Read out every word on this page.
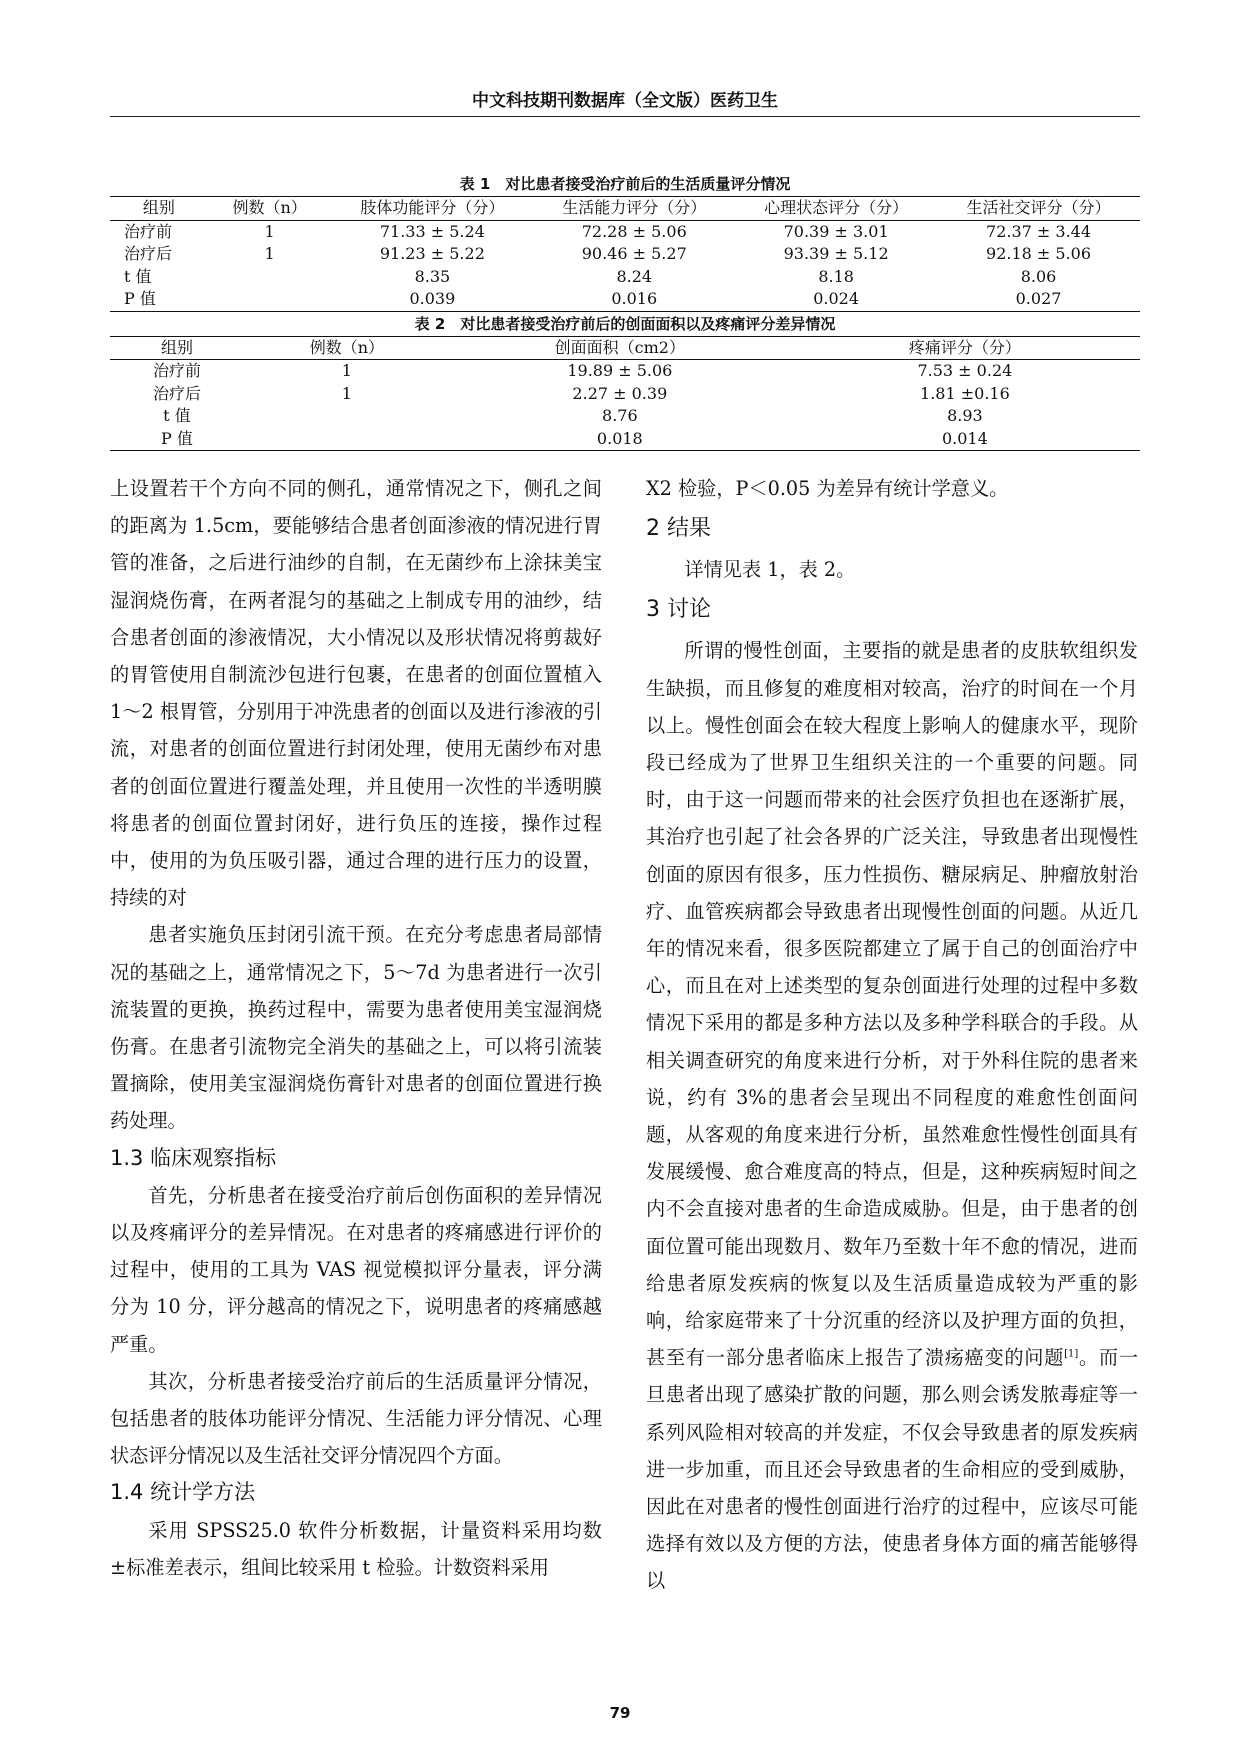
中文科技期刊数据库（全文版）医药卫生
表 1　对比患者接受治疗前后的生活质量评分情况
组别	例数（n）	肢体功能评分（分）	生活能力评分（分）	心理状态评分（分）	生活社交评分（分）
治疗前	1	71.33 ± 5.24	72.28 ± 5.06	70.39 ± 3.01	72.37 ± 3.44
治疗后	1	91.23 ± 5.22	90.46 ± 5.27	93.39 ± 5.12	92.18 ± 5.06
t 值		8.35	8.24	8.18	8.06
P 值		0.039	0.016	0.024	0.027
表 2　对比患者接受治疗前后的创面面积以及疼痛评分差异情况
组别	例数（n）	创面面积（cm2）	疼痛评分（分）
治疗前	1	19.89 ± 5.06	7.53 ± 0.24
治疗后	1	2.27 ± 0.39	1.81 ±0.16
t 值		8.76	8.93
P 值		0.018	0.014

上设置若干个方向不同的侧孔，通常情况之下，侧孔之间的距离为 1.5cm，要能够结合患者创面渗液的情况进行胃管的准备，之后进行油纱的自制，在无菌纱布上涂抹美宝湿润烧伤膏，在两者混匀的基础之上制成专用的油纱，结合患者创面的渗液情况，大小情况以及形状情况将剪裁好的胃管使用自制流沙包进行包裹，在患者的创面位置植入 1～2 根胃管，分别用于冲洗患者的创面以及进行渗液的引流，对患者的创面位置进行封闭处理，使用无菌纱布对患者的创面位置进行覆盖处理，并且使用一次性的半透明膜将患者的创面位置封闭好，进行负压的连接，操作过程中，使用的为负压吸引器，通过合理的进行压力的设置，持续的对

患者实施负压封闭引流干预。在充分考虑患者局部情况的基础之上，通常情况之下，5～7d 为患者进行一次引流装置的更换，换药过程中，需要为患者使用美宝湿润烧伤膏。在患者引流物完全消失的基础之上，可以将引流装置摘除，使用美宝湿润烧伤膏针对患者的创面位置进行换药处理。

1.3 临床观察指标

首先，分析患者在接受治疗前后创伤面积的差异情况以及疼痛评分的差异情况。在对患者的疼痛感进行评价的过程中，使用的工具为 VAS 视觉模拟评分量表，评分满分为 10 分，评分越高的情况之下，说明患者的疼痛感越严重。

其次，分析患者接受治疗前后的生活质量评分情况，包括患者的肢体功能评分情况、生活能力评分情况、心理状态评分情况以及生活社交评分情况四个方面。

1.4 统计学方法

采用 SPSS25.0 软件分析数据，计量资料采用均数±标准差表示，组间比较采用 t 检验。计数资料采用

X2 检验，P＜0.05 为差异有统计学意义。

2 结果

详情见表 1，表 2。

3 讨论

所谓的慢性创面，主要指的就是患者的皮肤软组织发生缺损，而且修复的难度相对较高，治疗的时间在一个月以上。慢性创面会在较大程度上影响人的健康水平，现阶段已经成为了世界卫生组织关注的一个重要的问题。同时，由于这一问题而带来的社会医疗负担也在逐渐扩展，其治疗也引起了社会各界的广泛关注，导致患者出现慢性创面的原因有很多，压力性损伤、糖尿病足、肿瘤放射治疗、血管疾病都会导致患者出现慢性创面的问题。从近几年的情况来看，很多医院都建立了属于自己的创面治疗中心，而且在对上述类型的复杂创面进行处理的过程中多数情况下采用的都是多种方法以及多种学科联合的手段。从相关调查研究的角度来进行分析，对于外科住院的患者来说，约有 3%的患者会呈现出不同程度的难愈性创面问题，从客观的角度来进行分析，虽然难愈性慢性创面具有发展缓慢、愈合难度高的特点，但是，这种疾病短时间之内不会直接对患者的生命造成威胁。但是，由于患者的创面位置可能出现数月、数年乃至数十年不愈的情况，进而给患者原发疾病的恢复以及生活质量造成较为严重的影响，给家庭带来了十分沉重的经济以及护理方面的负担，甚至有一部分患者临床上报告了溃疡癌变的问题[1]。而一旦患者出现了感染扩散的问题，那么则会诱发脓毒症等一系列风险相对较高的并发症，不仅会导致患者的原发疾病进一步加重，而且还会导致患者的生命相应的受到威胁，因此在对患者的慢性创面进行治疗的过程中，应该尽可能选择有效以及方便的方法，使患者身体方面的痛苦能够得以

79
